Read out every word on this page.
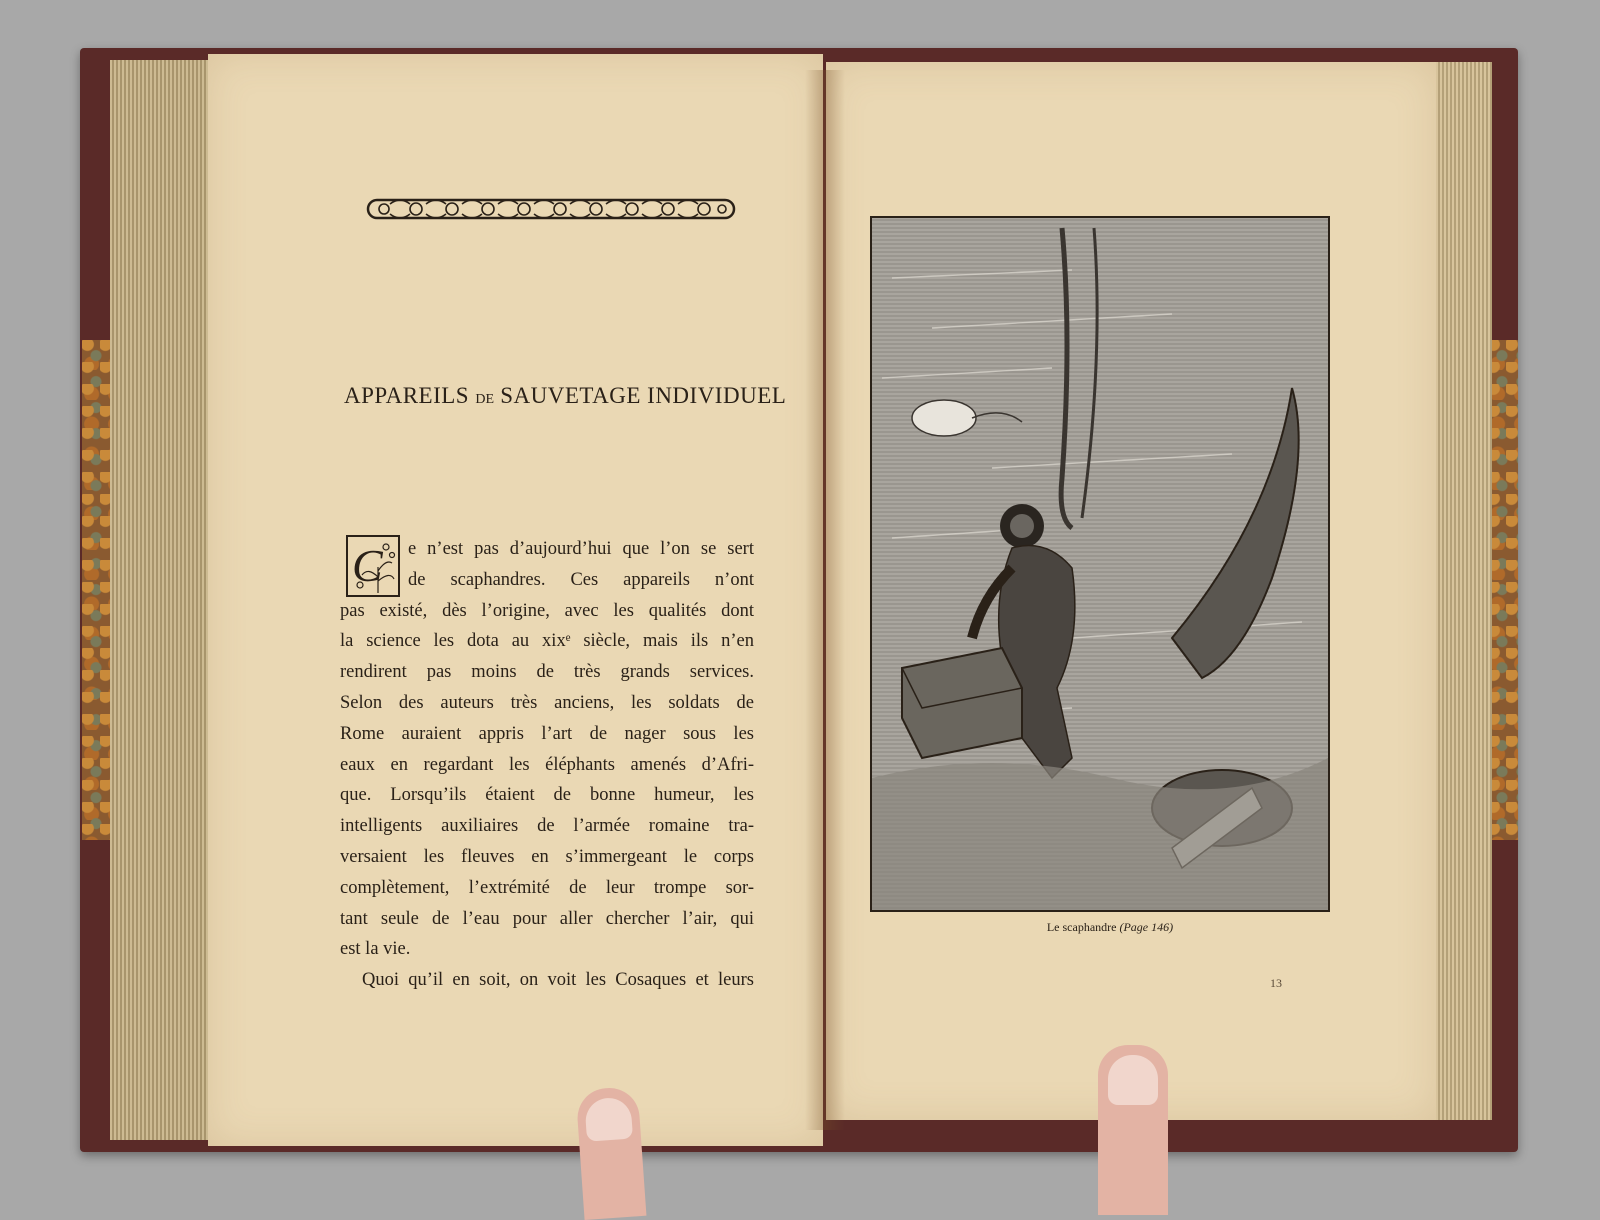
APPAREILS DE SAUVETAGE INDIVIDUEL
C	e n’est pas d’aujourd’hui que l’on se sert
de scaphandres. Ces appareils n’ont
pas existé, dès l’origine, avec les qualités dont
la science les dota au xixᵉ siècle, mais ils n’en
rendirent pas moins de très grands services.
Selon des auteurs très anciens, les soldats de
Rome auraient appris l’art de nager sous les
eaux en regardant les éléphants amenés d’Afri-
que. Lorsqu’ils étaient de bonne humeur, les
intelligents auxiliaires de l’armée romaine tra-
versaient les fleuves en s’immergeant le corps
complètement, l’extrémité de leur trompe sor-
tant seule de l’eau pour aller chercher l’air, qui
est la vie.
Quoi qu’il en soit, on voit les Cosaques et leurs
Le scaphandre (Page 146)
13
